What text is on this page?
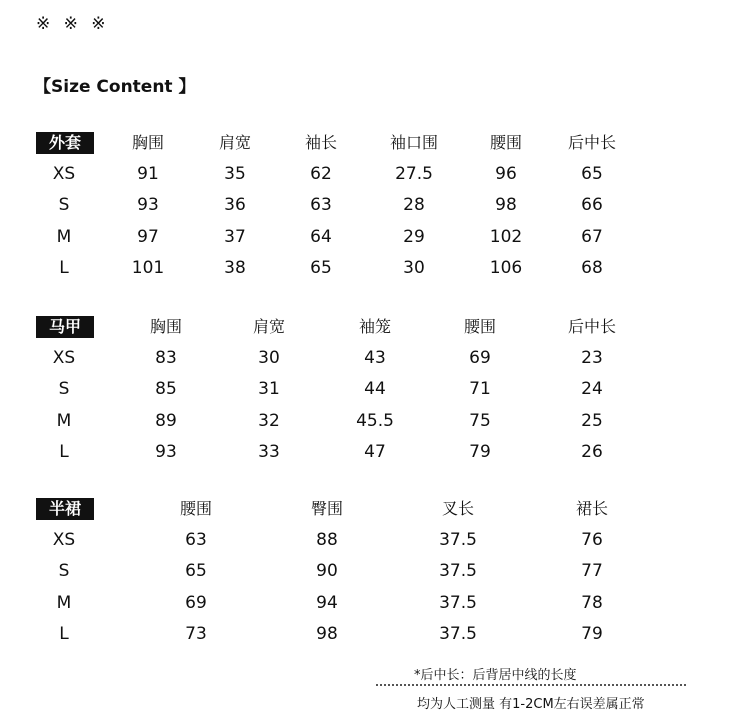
※ ※ ※
【Size Content 】
外套	胸围	肩宽	袖长	袖口围	腰围	后中长
XS	91	35	62	27.5	96	65
S	93	36	63	28	98	66
M	97	37	64	29	102	67
L	101	38	65	30	106	68
马甲	胸围	肩宽	袖笼	腰围	后中长
XS	83	30	43	69	23
S	85	31	44	71	24
M	89	32	45.5	75	25
L	93	33	47	79	26
半裙	腰围	臀围	叉长	裙长
XS	63	88	37.5	76
S	65	90	37.5	77
M	69	94	37.5	78
L	73	98	37.5	79
*后中长：后背居中线的长度
均为人工测量 有1-2CM左右误差属正常
